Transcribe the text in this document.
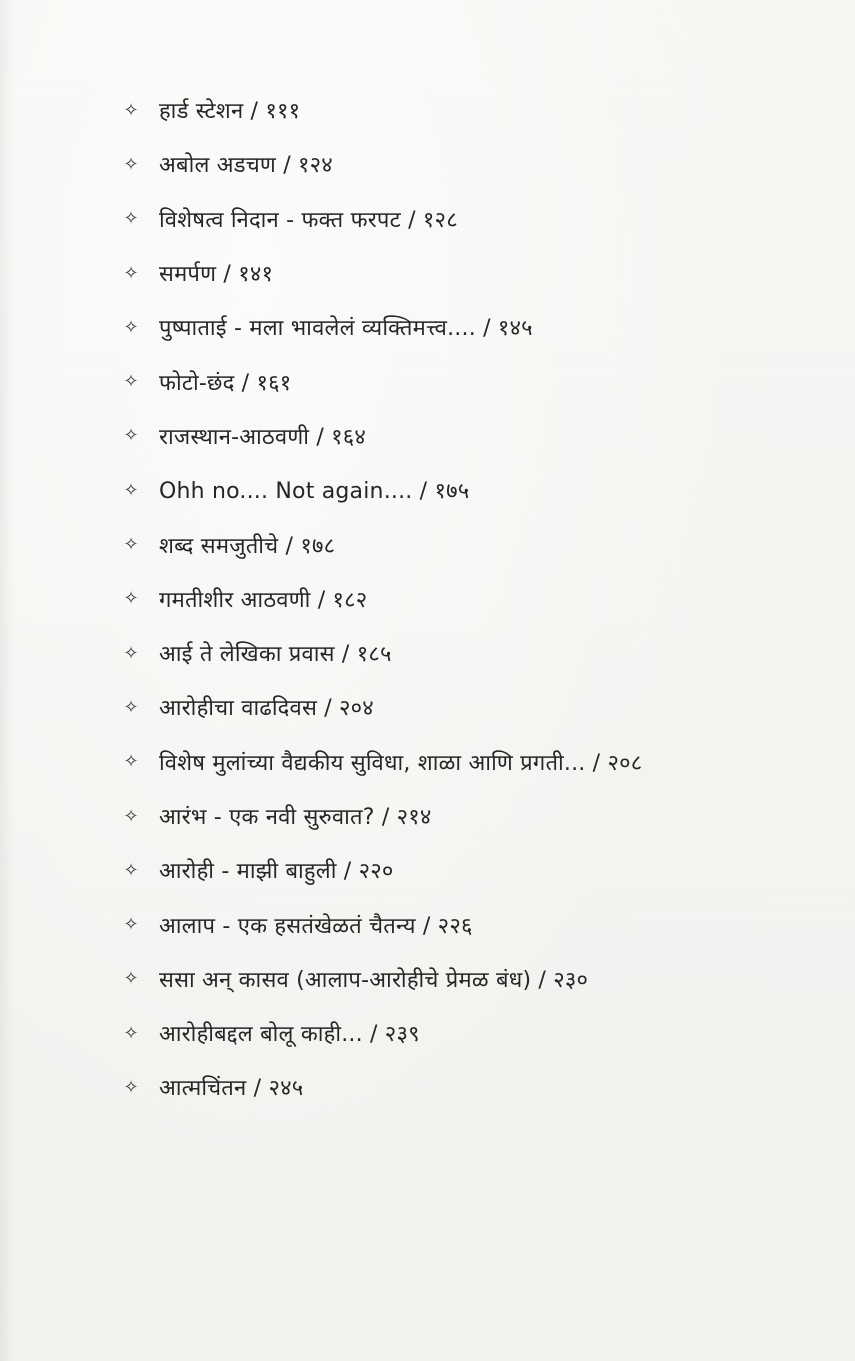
✧ हार्ड स्टेशन / १११
✧ अबोल अडचण / १२४
✧ विशेषत्व निदान - फक्त फरपट / १२८
✧ समर्पण / १४१
✧ पुष्पाताई - मला भावलेलं व्यक्तिमत्त्व.... / १४५
✧ फोटो-छंद / १६१
✧ राजस्थान-आठवणी / १६४
✧ Ohh no.... Not again.... / १७५
✧ शब्द समजुतीचे / १७८
✧ गमतीशीर आठवणी / १८२
✧ आई ते लेखिका प्रवास / १८५
✧ आरोहीचा वाढदिवस / २०४
✧ विशेष मुलांच्या वैद्यकीय सुविधा, शाळा आणि प्रगती... / २०८
✧ आरंभ - एक नवी सुरुवात? / २१४
✧ आरोही - माझी बाहुली / २२०
✧ आलाप - एक हसतंखेळतं चैतन्य / २२६
✧ ससा अन् कासव (आलाप-आरोहीचे प्रेमळ बंध) / २३०
✧ आरोहीबद्दल बोलू काही... / २३९
✧ आत्मचिंतन / २४५
